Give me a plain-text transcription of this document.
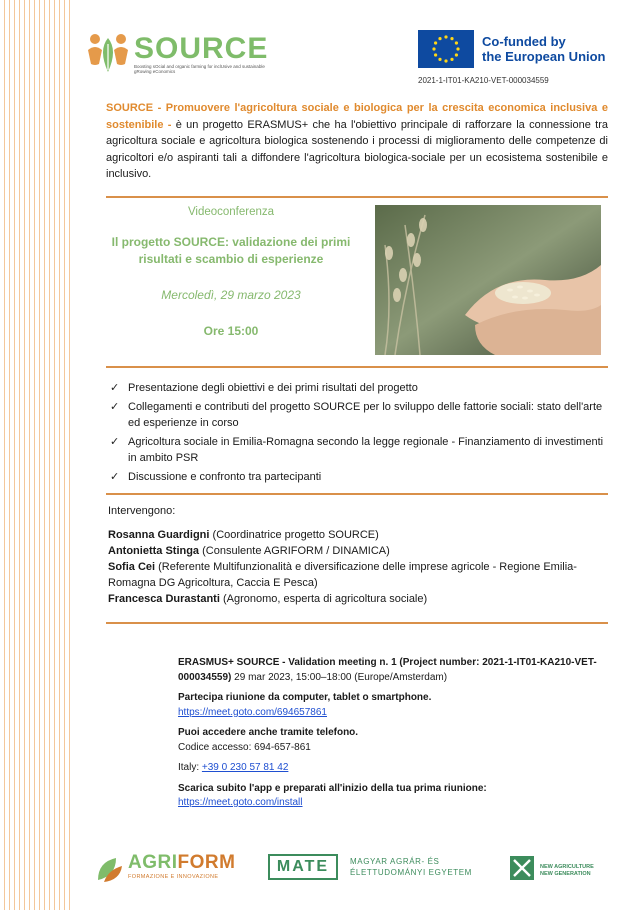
SOURCE
Boosting sOcial and organic farming for inclUsive and sustainable gRowing eConomics
Co-funded by
the European Union
2021-1-IT01-KA210-VET-000034559
SOURCE - Promuovere l'agricoltura sociale e biologica per la crescita economica inclusiva e sostenibile - è un progetto ERASMUS+ che ha l'obiettivo principale di rafforzare la connessione tra agricoltura sociale e agricoltura biologica sostenendo i processi di miglioramento delle competenze di agricoltori e/o aspiranti tali a diffondere l'agricoltura biologica-sociale per un ecosistema sostenibile e inclusivo.
Videoconferenza
Il progetto SOURCE: validazione dei primi risultati e scambio di esperienze
Mercoledì, 29 marzo 2023
Ore 15:00
✓ Presentazione degli obiettivi e dei primi risultati del progetto
✓ Collegamenti e contributi del progetto SOURCE per lo sviluppo delle fattorie sociali: stato dell'arte ed esperienze in corso
✓ Agricoltura sociale in Emilia-Romagna secondo la legge regionale - Finanziamento di investimenti in ambito PSR
✓ Discussione e confronto tra partecipanti
Intervengono:
Rosanna Guardigni (Coordinatrice progetto SOURCE)
Antonietta Stinga (Consulente AGRIFORM / DINAMICA)
Sofia Cei (Referente Multifunzionalità e diversificazione delle imprese agricole - Regione Emilia-Romagna DG Agricoltura, Caccia E Pesca)
Francesca Durastanti (Agronomo, esperta di agricoltura sociale)

ERASMUS+ SOURCE - Validation meeting n. 1 (Project number: 2021-1-IT01-KA210-VET-000034559) 29 mar 2023, 15:00–18:00 (Europe/Amsterdam)

Partecipa riunione da computer, tablet o smartphone.
https://meet.goto.com/694657861

Puoi accedere anche tramite telefono.
Codice accesso: 694-657-861

Italy: +39 0 230 57 81 42

Scarica subito l'app e preparati all'inizio della tua prima riunione:
https://meet.goto.com/install

AGRIFORM
FORMAZIONE E INNOVAZIONE
MATE	MAGYAR AGRÁR- ÉS
ÉLETTUDOMÁNYI EGYETEM
NEW AGRICULTURE
NEW GENERATION
